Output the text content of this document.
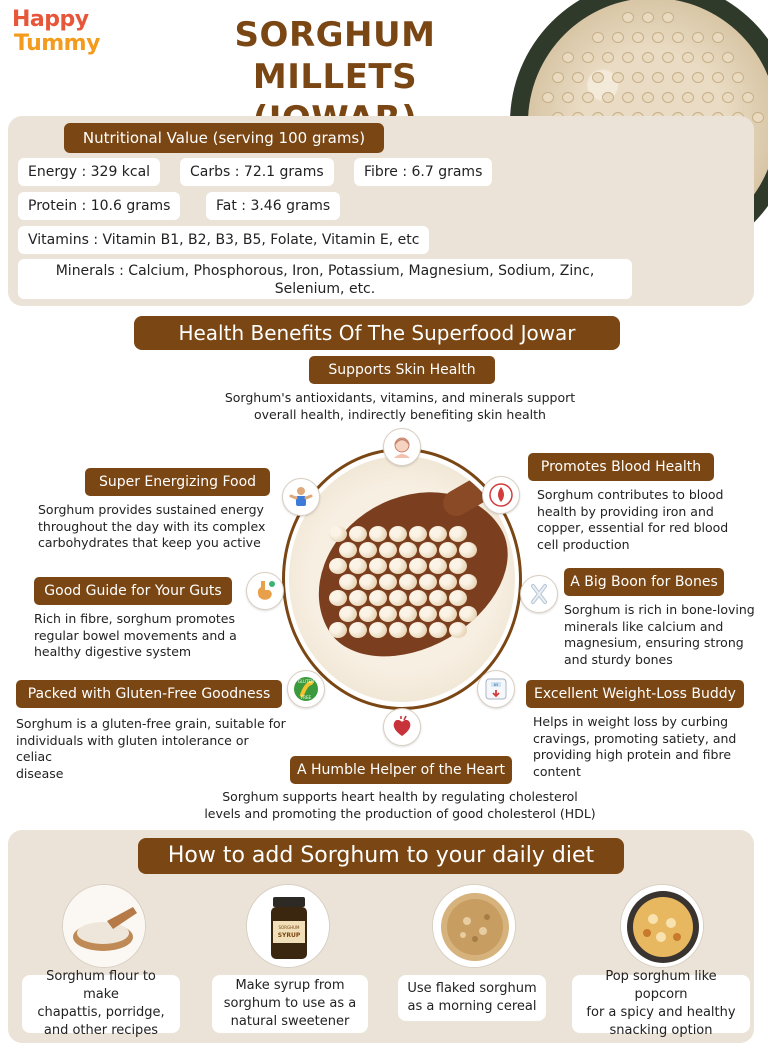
Happy
Tummy	SORGHUM MILLETS
Nutritional Value (serving 100 grams)
Energy : 329 kcal	Carbs : 72.1 grams	Fibre : 6.7 grams
Protein : 10.6 grams	Fat : 3.46 grams
Vitamins : Vitamin B1, B2, B3, B5, Folate, Vitamin E, etc
Minerals : Calcium, Phosphorous, Iron, Potassium, Magnesium, Sodium, Zinc,
Selenium, etc.
Health Benefits Of The Superfood Jowar
Supports Skin Health
Sorghum's antioxidants, vitamins, and minerals support
overall health, indirectly benefiting skin health
Super Energizing Food
Sorghum provides sustained energy
throughout the day with its complex
carbohydrates that keep you active
Promotes Blood Health
Sorghum contributes to blood
health by providing iron and
copper, essential for red blood
cell production
Good Guide for Your Guts
Rich in fibre, sorghum promotes
regular bowel movements and a
healthy digestive system
A Big Boon for Bones
Sorghum is rich in bone-loving
minerals like calcium and
magnesium, ensuring strong
and sturdy bones
Packed with Gluten-Free Goodness
Sorghum is a gluten-free grain, suitable for
individuals with gluten intolerance or celiac
disease
Excellent Weight-Loss Buddy
Helps in weight loss by curbing
cravings, promoting satiety, and
providing high protein and fibre
content
A Humble Helper of the Heart
Sorghum supports heart health by regulating cholesterol
levels and promoting the production of good cholesterol (HDL)
GLUTEN
FREE
65
How to add Sorghum to your daily diet
SORGHUM
SYRUP
Sorghum flour to make
chapattis, porridge,
and other recipes
Make syrup from
sorghum to use as a
natural sweetener
Use flaked sorghum
as a morning cereal
Pop sorghum like popcorn
for a spicy and healthy
snacking option
